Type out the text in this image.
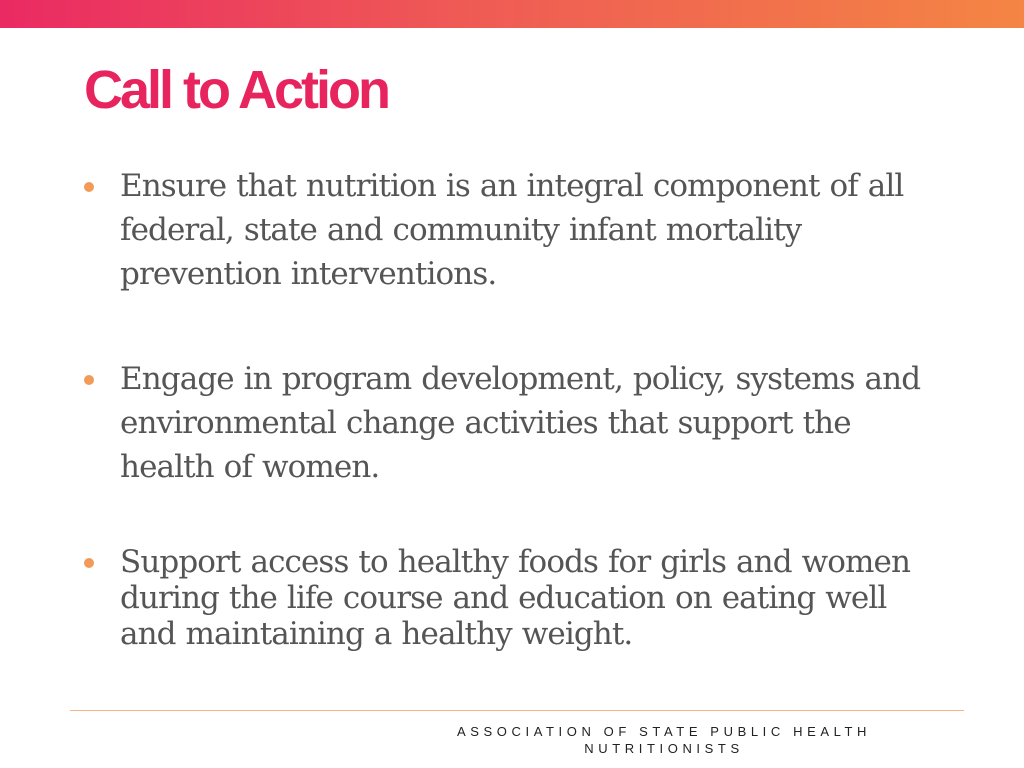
Call to Action
Ensure that nutrition is an integral component of all federal, state and community infant mortality prevention interventions.
Engage in program development, policy, systems and environmental change activities that support the health of women.
Support access to healthy foods for girls and women during the life course and education on eating well and maintaining a healthy weight.
ASSOCIATION OF STATE PUBLIC HEALTH
NUTRITIONISTS
